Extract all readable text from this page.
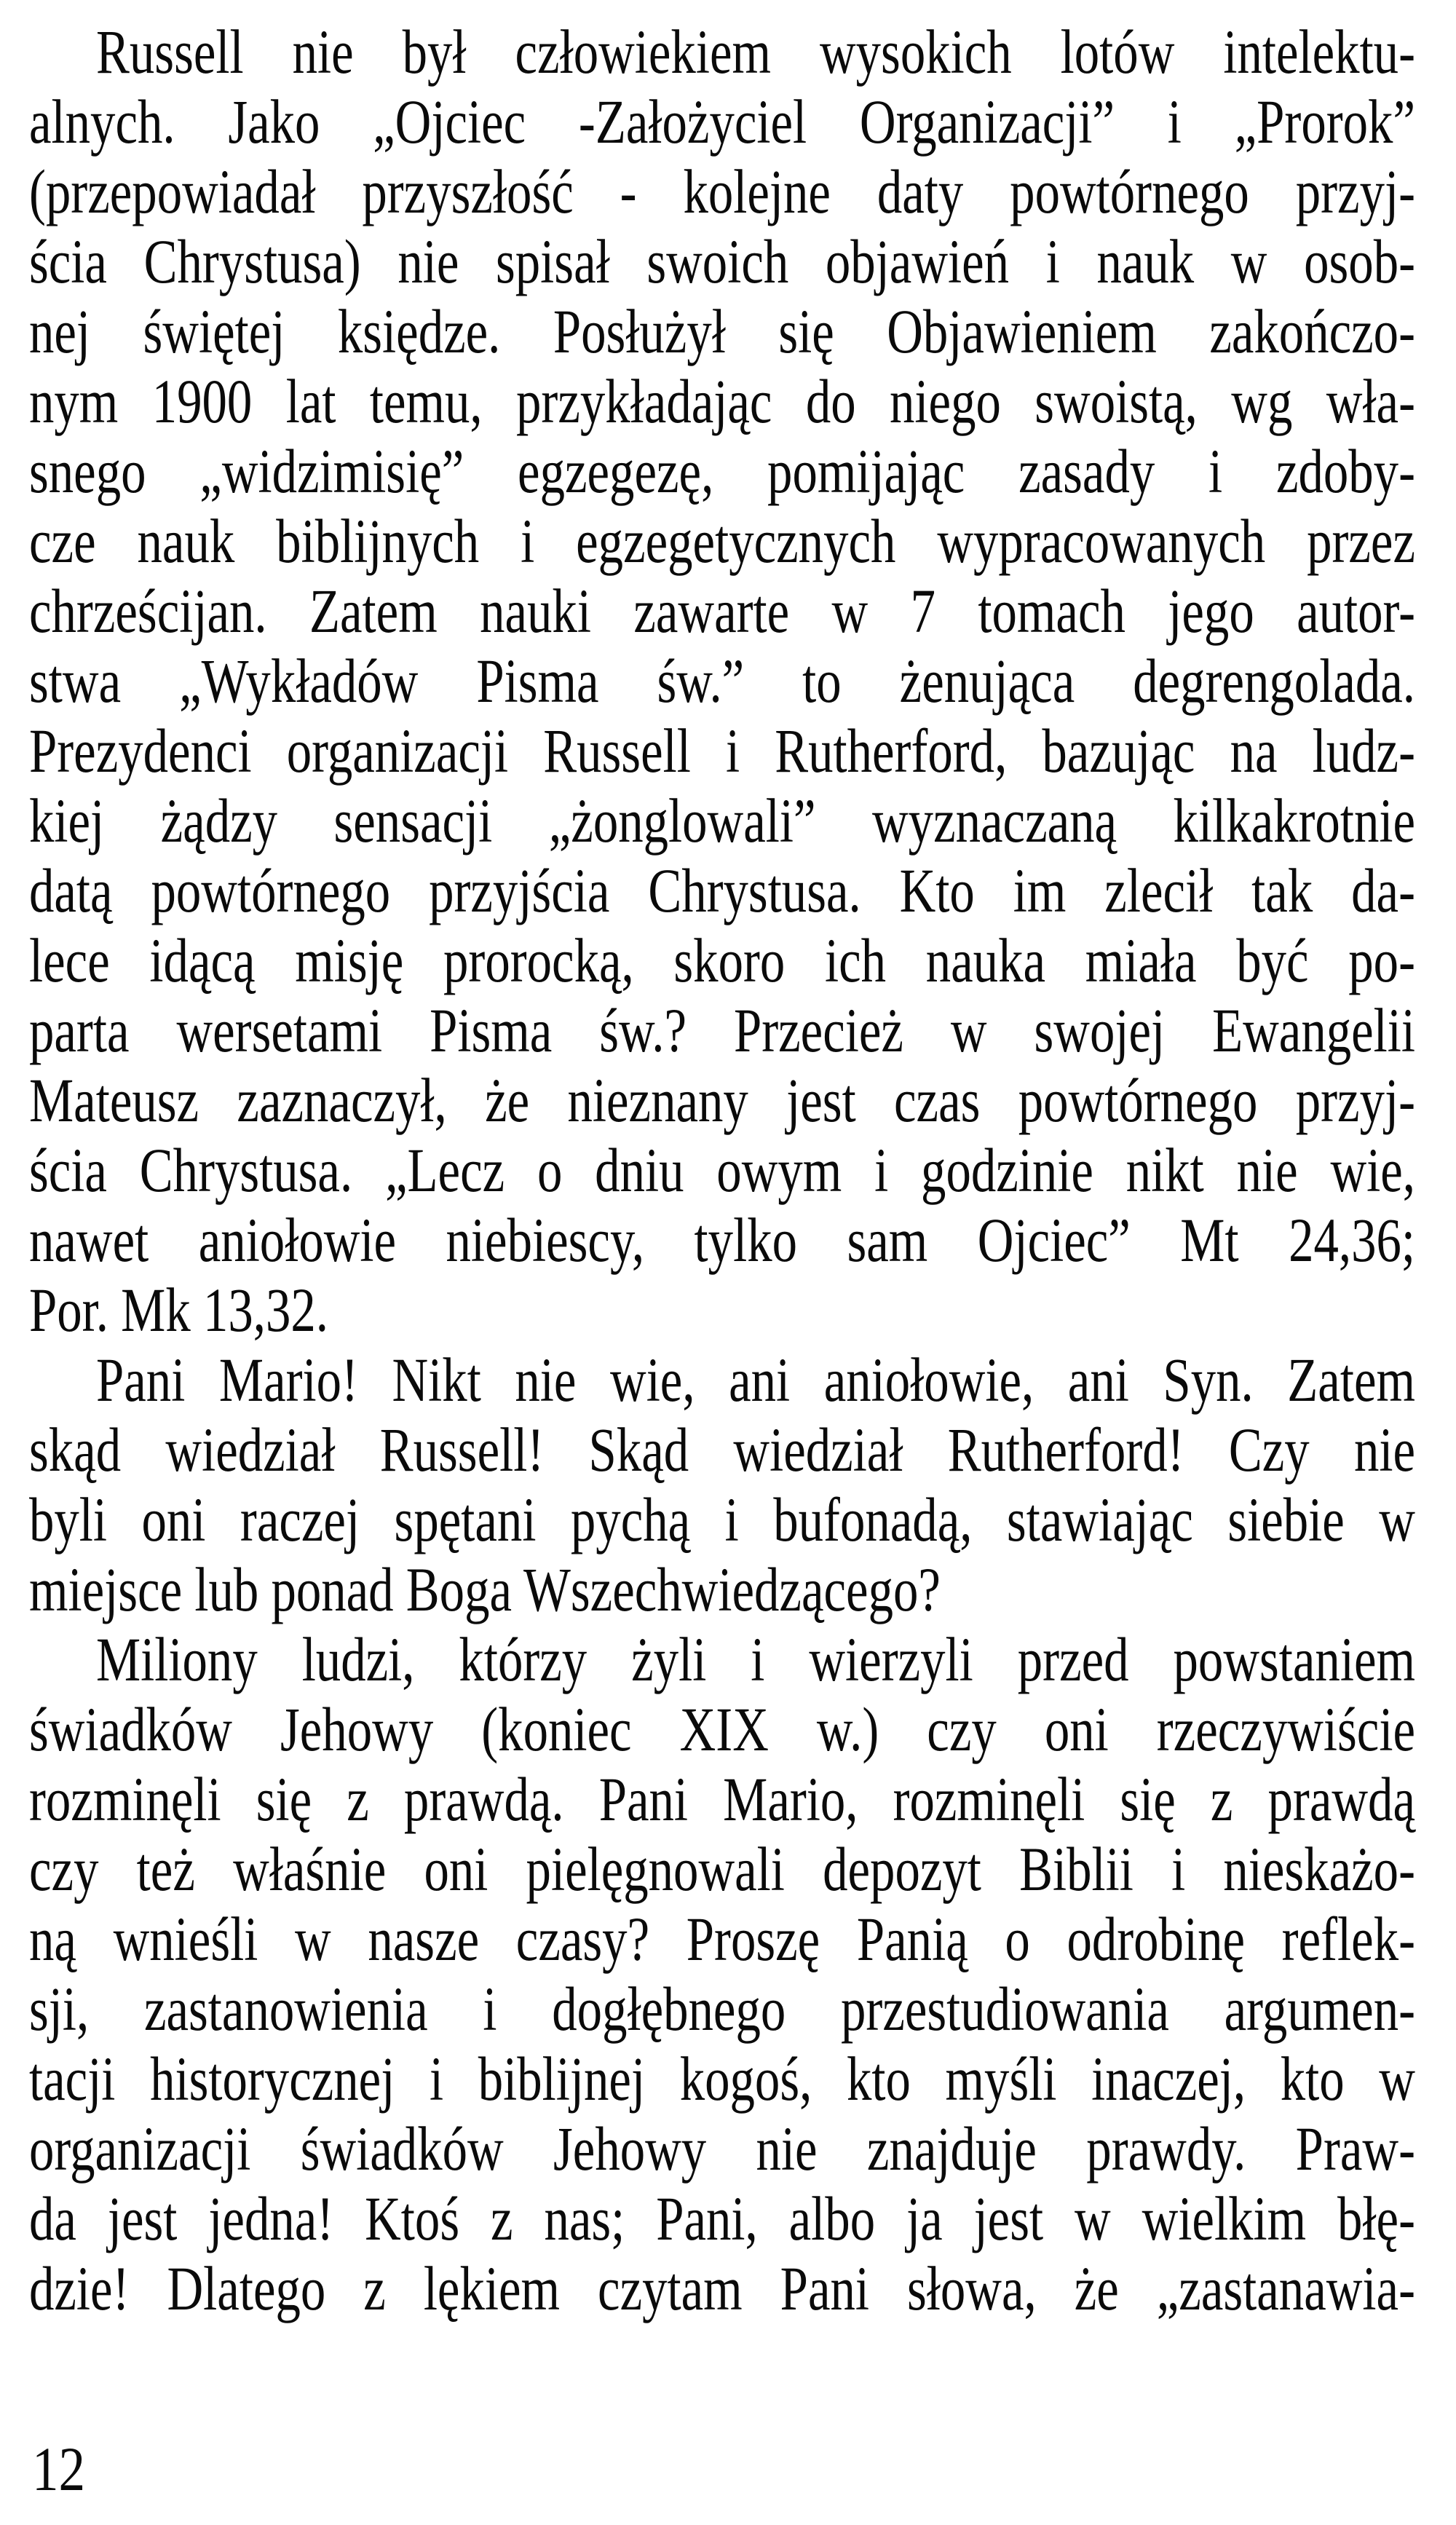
Russell nie był człowiekiem wysokich lotów intelektu-
alnych. Jako „Ojciec -Założyciel Organizacji” i „Prorok”
(przepowiadał przyszłość - kolejne daty powtórnego przyj-
ścia Chrystusa) nie spisał swoich objawień i nauk w osob-
nej świętej księdze. Posłużył się Objawieniem zakończo-
nym 1900 lat temu, przykładając do niego swoistą, wg wła-
snego „widzimisię” egzegezę, pomijając zasady i zdoby-
cze nauk biblijnych i egzegetycznych wypracowanych przez
chrześcijan. Zatem nauki zawarte w 7 tomach jego autor-
stwa „Wykładów Pisma św.” to żenująca degrengolada.
Prezydenci organizacji Russell i Rutherford, bazując na ludz-
kiej żądzy sensacji „żonglowali” wyznaczaną kilkakrotnie
datą powtórnego przyjścia Chrystusa. Kto im zlecił tak da-
lece idącą misję prorocką, skoro ich nauka miała być po-
parta wersetami Pisma św.? Przecież w swojej Ewangelii
Mateusz zaznaczył, że nieznany jest czas powtórnego przyj-
ścia Chrystusa. „Lecz o dniu owym i godzinie nikt nie wie,
nawet aniołowie niebiescy, tylko sam Ojciec” Mt 24,36;
Por. Mk 13,32.
Pani Mario! Nikt nie wie, ani aniołowie, ani Syn. Zatem
skąd wiedział Russell! Skąd wiedział Rutherford! Czy nie
byli oni raczej spętani pychą i bufonadą, stawiając siebie w
miejsce lub ponad Boga Wszechwiedzącego?
Miliony ludzi, którzy żyli i wierzyli przed powstaniem
świadków Jehowy (koniec XIX w.) czy oni rzeczywiście
rozminęli się z prawdą. Pani Mario, rozminęli się z prawdą
czy też właśnie oni pielęgnowali depozyt Biblii i nieskażo-
ną wnieśli w nasze czasy? Proszę Panią o odrobinę reflek-
sji, zastanowienia i dogłębnego przestudiowania argumen-
tacji historycznej i biblijnej kogoś, kto myśli inaczej, kto w
organizacji świadków Jehowy nie znajduje prawdy. Praw-
da jest jedna! Ktoś z nas; Pani, albo ja jest w wielkim błę-
dzie! Dlatego z lękiem czytam Pani słowa, że „zastanawia-
12
